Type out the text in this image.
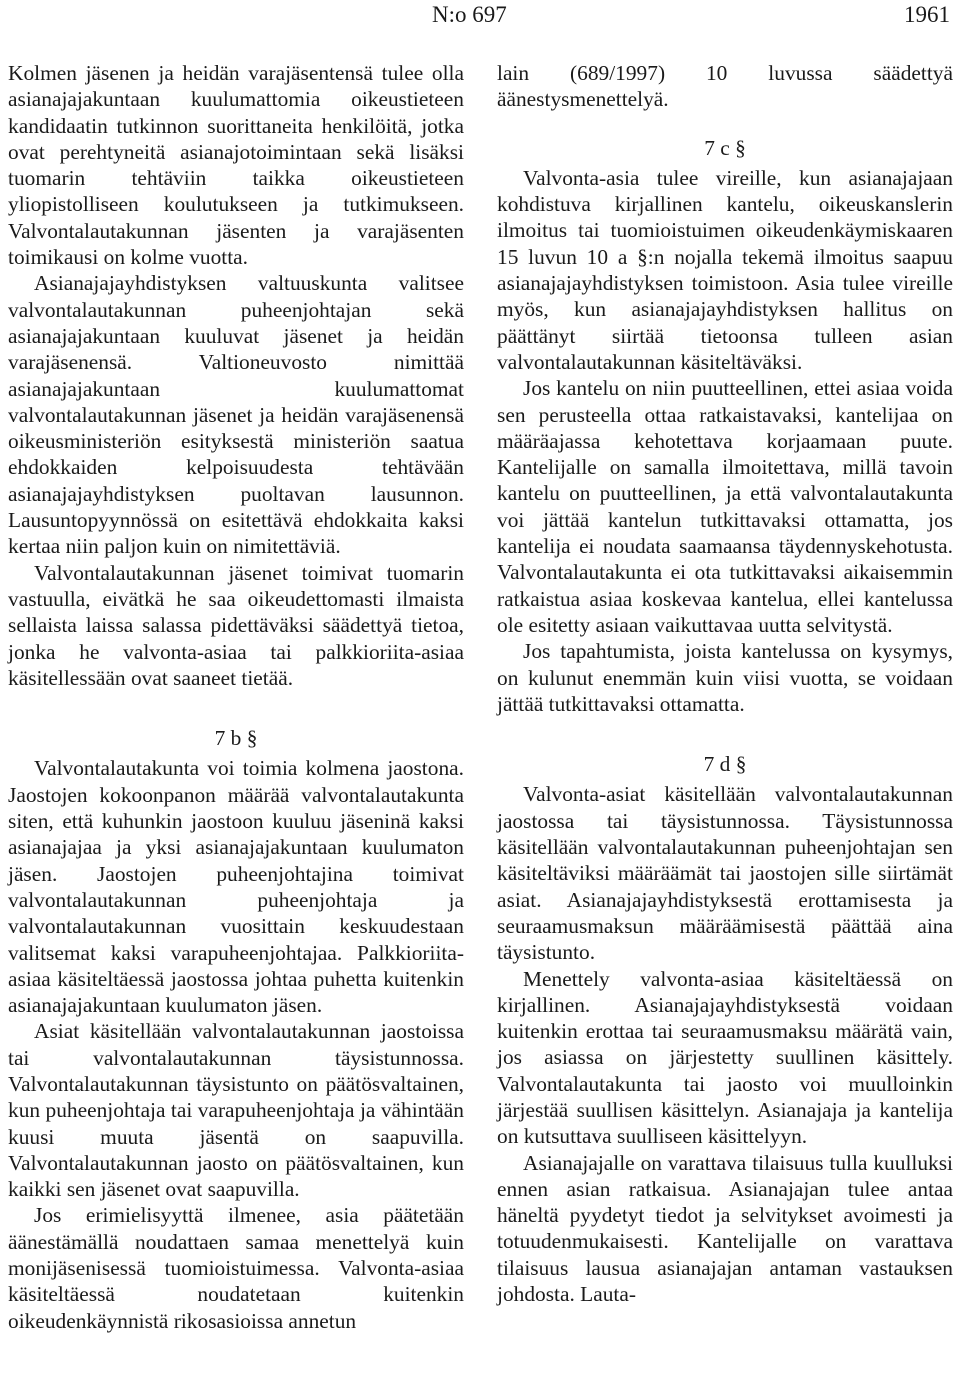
N:o 697	1961

Kolmen jäsenen ja heidän varajäsentensä tulee olla asianajajakuntaan kuulumattomia oikeustieteen kandidaatin tutkinnon suorittaneita henkilöitä, jotka ovat perehtyneitä asianajotoimintaan sekä lisäksi tuomarin tehtäviin taikka oikeustieteen yliopistolliseen koulutukseen ja tutkimukseen. Valvontalautakunnan jäsenten ja varajäsenten toimikausi on kolme vuotta.

Asianajajayhdistyksen valtuuskunta valitsee valvontalautakunnan puheenjohtajan sekä asianajajakuntaan kuuluvat jäsenet ja heidän varajäsenensä. Valtioneuvosto nimittää asianajajakuntaan kuulumattomat valvontalautakunnan jäsenet ja heidän varajäsenensä oikeusministeriön esityksestä ministeriön saatua ehdokkaiden kelpoisuudesta tehtävään asianajajayhdistyksen puoltavan lausunnon. Lausuntopyynnössä on esitettävä ehdokkaita kaksi kertaa niin paljon kuin on nimitettäviä.

Valvontalautakunnan jäsenet toimivat tuomarin vastuulla, eivätkä he saa oikeudettomasti ilmaista sellaista laissa salassa pidettäväksi säädettyä tietoa, jonka he valvonta-asiaa tai palkkioriita-asiaa käsitellessään ovat saaneet tietää.

7 b §

Valvontalautakunta voi toimia kolmena jaostona. Jaostojen kokoonpanon määrää valvontalautakunta siten, että kuhunkin jaostoon kuuluu jäseninä kaksi asianajajaa ja yksi asianajajakuntaan kuulumaton jäsen. Jaostojen puheenjohtajina toimivat valvontalautakunnan puheenjohtaja ja valvontalautakunnan vuosittain keskuudestaan valitsemat kaksi varapuheenjohtajaa. Palkkioriita-asiaa käsiteltäessä jaostossa johtaa puhetta kuitenkin asianajajakuntaan kuulumaton jäsen.

Asiat käsitellään valvontalautakunnan jaostoissa tai valvontalautakunnan täysistunnossa. Valvontalautakunnan täysistunto on päätösvaltainen, kun puheenjohtaja tai varapuheenjohtaja ja vähintään kuusi muuta jäsentä on saapuvilla. Valvontalautakunnan jaosto on päätösvaltainen, kun kaikki sen jäsenet ovat saapuvilla.

Jos erimielisyyttä ilmenee, asia päätetään äänestämällä noudattaen samaa menettelyä kuin monijäsenisessä tuomioistuimessa. Valvonta-asiaa käsiteltäessä noudatetaan kuitenkin oikeudenkäynnistä rikosasioissa annetun

lain (689/1997) 10 luvussa säädettyä äänestysmenettelyä.

7 c §

Valvonta-asia tulee vireille, kun asianajajaan kohdistuva kirjallinen kantelu, oikeuskanslerin ilmoitus tai tuomioistuimen oikeudenkäymiskaaren 15 luvun 10 a §:n nojalla tekemä ilmoitus saapuu asianajajayhdistyksen toimistoon. Asia tulee vireille myös, kun asianajajayhdistyksen hallitus on päättänyt siirtää tietoonsa tulleen asian valvontalautakunnan käsiteltäväksi.

Jos kantelu on niin puutteellinen, ettei asiaa voida sen perusteella ottaa ratkaistavaksi, kantelijaa on määräajassa kehotettava korjaamaan puute. Kantelijalle on samalla ilmoitettava, millä tavoin kantelu on puutteellinen, ja että valvontalautakunta voi jättää kantelun tutkittavaksi ottamatta, jos kantelija ei noudata saamaansa täydennyskehotusta. Valvontalautakunta ei ota tutkittavaksi aikaisemmin ratkaistua asiaa koskevaa kantelua, ellei kantelussa ole esitetty asiaan vaikuttavaa uutta selvitystä.

Jos tapahtumista, joista kantelussa on kysymys, on kulunut enemmän kuin viisi vuotta, se voidaan jättää tutkittavaksi ottamatta.

7 d §

Valvonta-asiat käsitellään valvontalautakunnan jaostossa tai täysistunnossa. Täysistunnossa käsitellään valvontalautakunnan puheenjohtajan sen käsiteltäviksi määräämät tai jaostojen sille siirtämät asiat. Asianajajayhdistyksestä erottamisesta ja seuraamusmaksun määräämisestä päättää aina täysistunto.

Menettely valvonta-asiaa käsiteltäessä on kirjallinen. Asianajajayhdistyksestä voidaan kuitenkin erottaa tai seuraamusmaksu määrätä vain, jos asiassa on järjestetty suullinen käsittely. Valvontalautakunta tai jaosto voi muulloinkin järjestää suullisen käsittelyn. Asianajaja ja kantelija on kutsuttava suulliseen käsittelyyn.

Asianajajalle on varattava tilaisuus tulla kuulluksi ennen asian ratkaisua. Asianajajan tulee antaa häneltä pyydetyt tiedot ja selvitykset avoimesti ja totuudenmukaisesti. Kantelijalle on varattava tilaisuus lausua asianajajan antaman vastauksen johdosta. Lauta-
